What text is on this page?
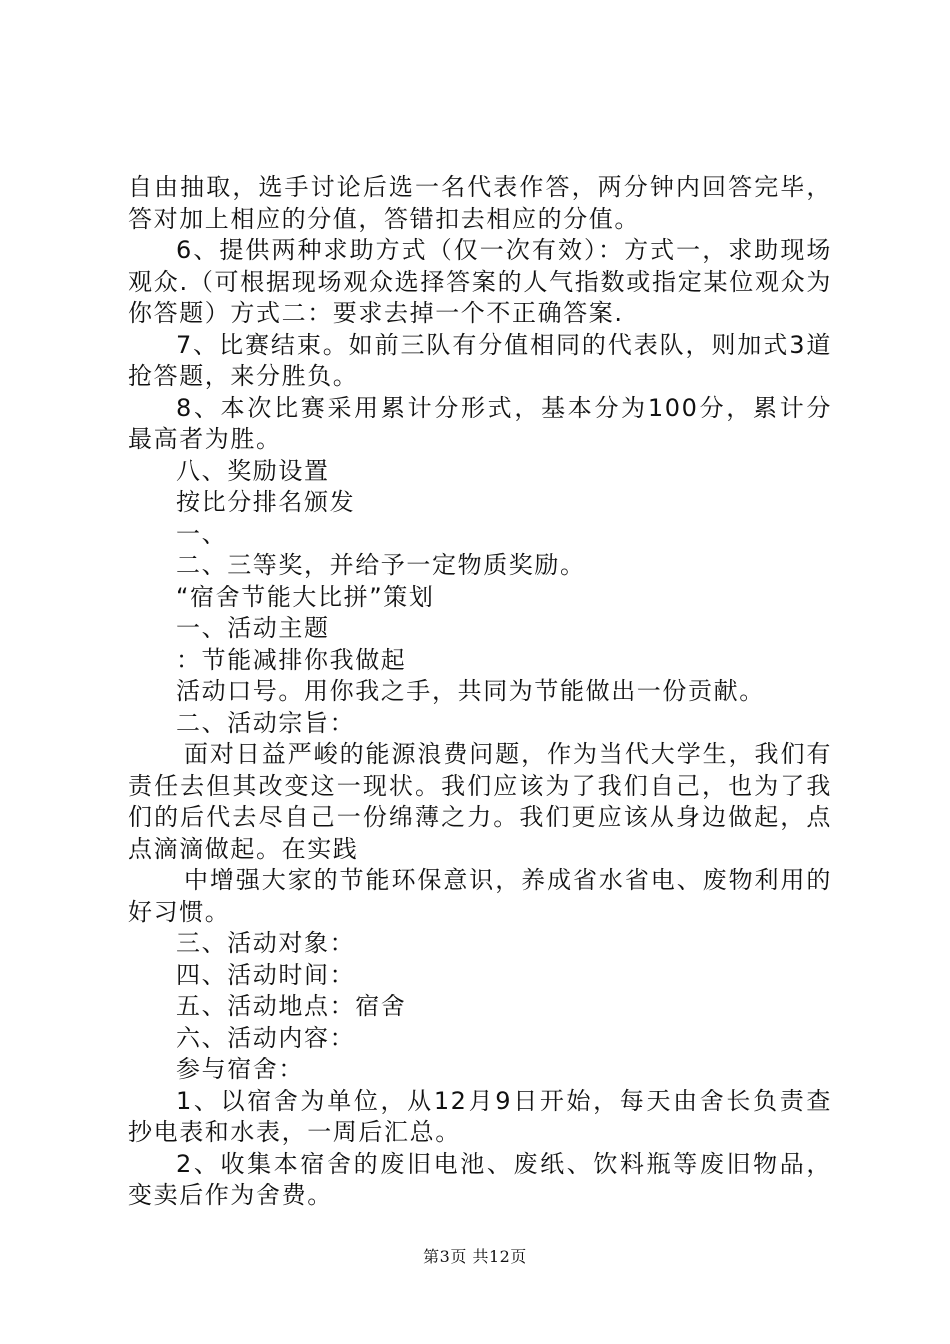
自由抽取，选手讨论后选一名代表作答，两分钟内回答完毕，答对加上相应的分值，答错扣去相应的分值。

6、提供两种求助方式（仅一次有效）：方式一，求助现场观众.（可根据现场观众选择答案的人气指数或指定某位观众为你答题）方式二：要求去掉一个不正确答案.

7、比赛结束。如前三队有分值相同的代表队，则加式3道抢答题，来分胜负。

8、本次比赛采用累计分形式，基本分为100分，累计分最高者为胜。

八、奖励设置

按比分排名颁发

一、

二、三等奖，并给予一定物质奖励。

“宿舍节能大比拼”策划

一、活动主题

：节能减排你我做起

活动口号。用你我之手，共同为节能做出一份贡献。

二、活动宗旨：

面对日益严峻的能源浪费问题，作为当代大学生，我们有责任去但其改变这一现状。我们应该为了我们自己，也为了我们的后代去尽自己一份绵薄之力。我们更应该从身边做起，点点滴滴做起。在实践

中增强大家的节能环保意识，养成省水省电、废物利用的好习惯。

三、活动对象：

四、活动时间：

五、活动地点：宿舍

六、活动内容：

参与宿舍：

1、以宿舍为单位，从12月9日开始，每天由舍长负责查抄电表和水表，一周后汇总。

2、收集本宿舍的废旧电池、废纸、饮料瓶等废旧物品，变卖后作为舍费。

第3页 共12页
